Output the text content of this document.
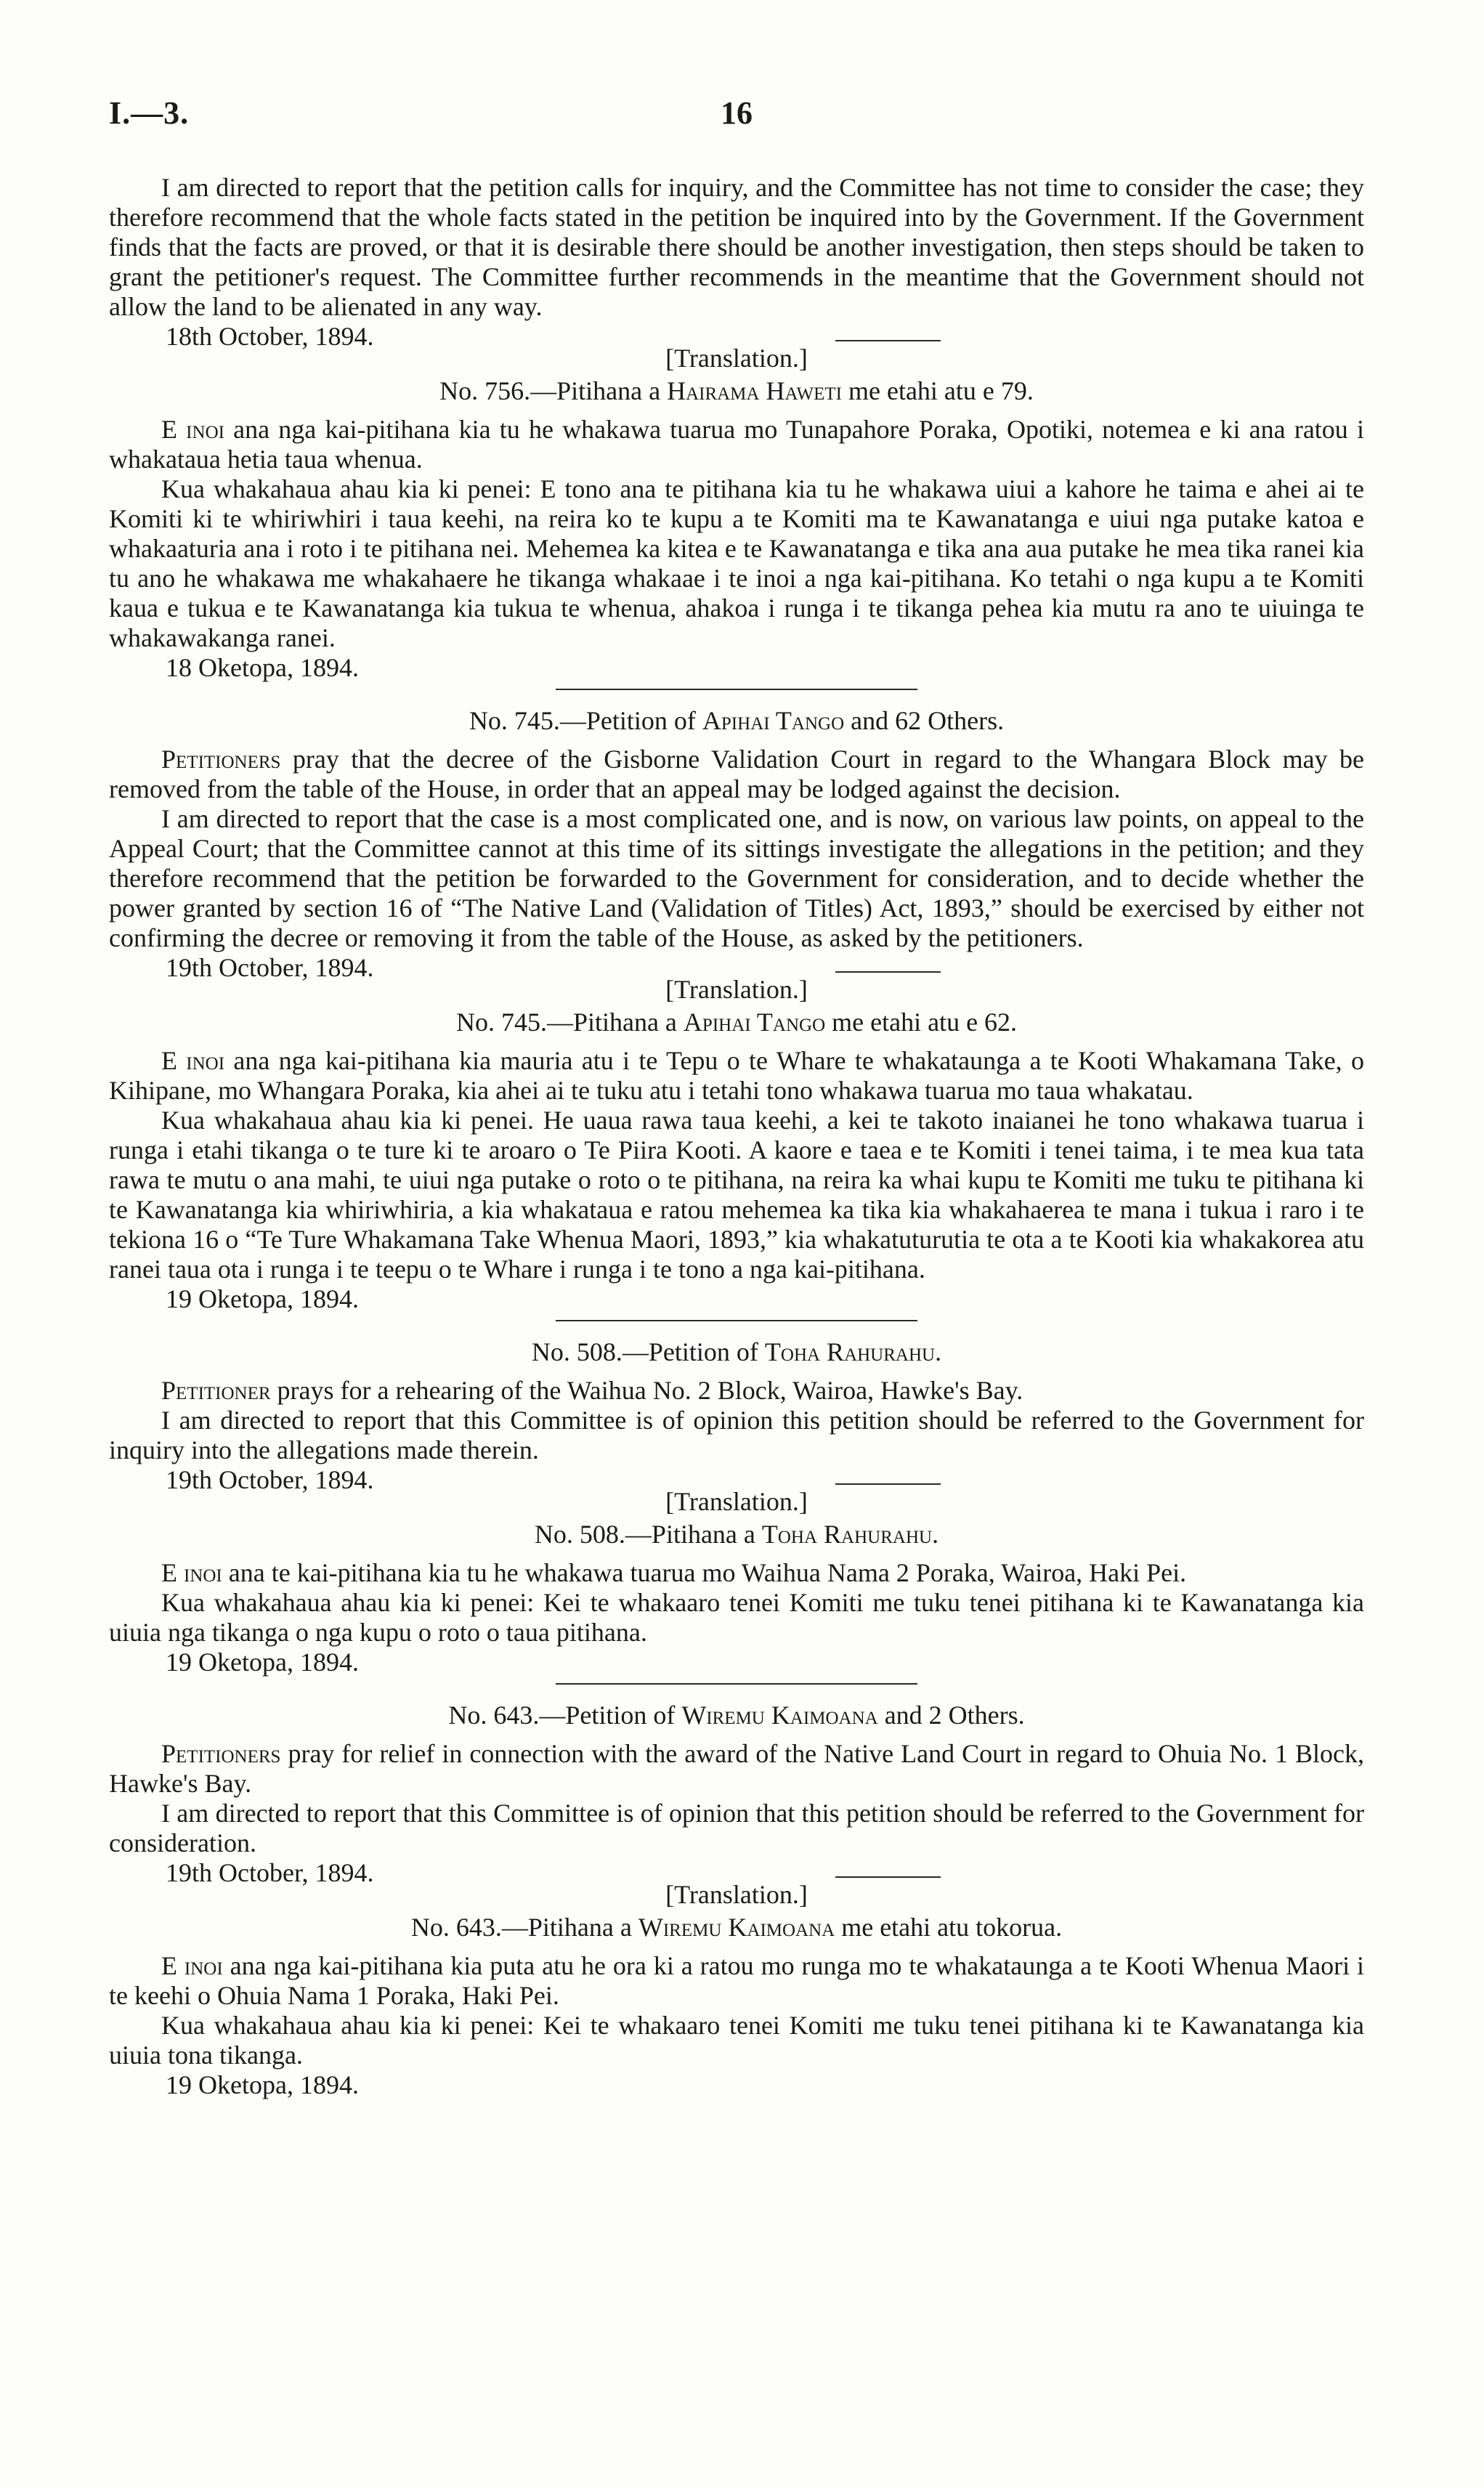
I.—3.	16

I am directed to report that the petition calls for inquiry, and the Committee has not time to consider the case; they therefore recommend that the whole facts stated in the petition be inquired into by the Government. If the Government finds that the facts are proved, or that it is desirable there should be another investigation, then steps should be taken to grant the petitioner's request. The Committee further recommends in the meantime that the Government should not allow the land to be alienated in any way.

18th October, 1894.

[Translation.]

No. 756.—Pitihana a Hairama Haweti me etahi atu e 79.

E inoi ana nga kai-pitihana kia tu he whakawa tuarua mo Tunapahore Poraka, Opotiki, notemea e ki ana ratou i whakataua hetia taua whenua.

Kua whakahaua ahau kia ki penei: E tono ana te pitihana kia tu he whakawa uiui a kahore he taima e ahei ai te Komiti ki te whiriwhiri i taua keehi, na reira ko te kupu a te Komiti ma te Kawanatanga e uiui nga putake katoa e whakaaturia ana i roto i te pitihana nei. Mehemea ka kitea e te Kawanatanga e tika ana aua putake he mea tika ranei kia tu ano he whakawa me whakahaere he tikanga whakaae i te inoi a nga kai-pitihana. Ko tetahi o nga kupu a te Komiti kaua e tukua e te Kawanatanga kia tukua te whenua, ahakoa i runga i te tikanga pehea kia mutu ra ano te uiuinga te whakawakanga ranei.

18 Oketopa, 1894.

No. 745.—Petition of Apihai Tango and 62 Others.

Petitioners pray that the decree of the Gisborne Validation Court in regard to the Whangara Block may be removed from the table of the House, in order that an appeal may be lodged against the decision.

I am directed to report that the case is a most complicated one, and is now, on various law points, on appeal to the Appeal Court; that the Committee cannot at this time of its sittings investigate the allegations in the petition; and they therefore recommend that the petition be forwarded to the Government for consideration, and to decide whether the power granted by section 16 of “The Native Land (Validation of Titles) Act, 1893,” should be exercised by either not confirming the decree or removing it from the table of the House, as asked by the petitioners.

19th October, 1894.

[Translation.]

No. 745.—Pitihana a Apihai Tango me etahi atu e 62.

E inoi ana nga kai-pitihana kia mauria atu i te Tepu o te Whare te whakataunga a te Kooti Whakamana Take, o Kihipane, mo Whangara Poraka, kia ahei ai te tuku atu i tetahi tono whakawa tuarua mo taua whakatau.

Kua whakahaua ahau kia ki penei. He uaua rawa taua keehi, a kei te takoto inaianei he tono whakawa tuarua i runga i etahi tikanga o te ture ki te aroaro o Te Piira Kooti. A kaore e taea e te Komiti i tenei taima, i te mea kua tata rawa te mutu o ana mahi, te uiui nga putake o roto o te pitihana, na reira ka whai kupu te Komiti me tuku te pitihana ki te Kawanatanga kia whiriwhiria, a kia whakataua e ratou mehemea ka tika kia whakahaerea te mana i tukua i raro i te tekiona 16 o “Te Ture Whakamana Take Whenua Maori, 1893,” kia whakatuturutia te ota a te Kooti kia whakakorea atu ranei taua ota i runga i te teepu o te Whare i runga i te tono a nga kai-pitihana.

19 Oketopa, 1894.

No. 508.—Petition of Toha Rahurahu.

Petitioner prays for a rehearing of the Waihua No. 2 Block, Wairoa, Hawke's Bay.

I am directed to report that this Committee is of opinion this petition should be referred to the Government for inquiry into the allegations made therein.

19th October, 1894.

[Translation.]

No. 508.—Pitihana a Toha Rahurahu.

E inoi ana te kai-pitihana kia tu he whakawa tuarua mo Waihua Nama 2 Poraka, Wairoa, Haki Pei.

Kua whakahaua ahau kia ki penei: Kei te whakaaro tenei Komiti me tuku tenei pitihana ki te Kawanatanga kia uiuia nga tikanga o nga kupu o roto o taua pitihana.

19 Oketopa, 1894.

No. 643.—Petition of Wiremu Kaimoana and 2 Others.

Petitioners pray for relief in connection with the award of the Native Land Court in regard to Ohuia No. 1 Block, Hawke's Bay.

I am directed to report that this Committee is of opinion that this petition should be referred to the Government for consideration.

19th October, 1894.

[Translation.]

No. 643.—Pitihana a Wiremu Kaimoana me etahi atu tokorua.

E inoi ana nga kai-pitihana kia puta atu he ora ki a ratou mo runga mo te whakataunga a te Kooti Whenua Maori i te keehi o Ohuia Nama 1 Poraka, Haki Pei.

Kua whakahaua ahau kia ki penei: Kei te whakaaro tenei Komiti me tuku tenei pitihana ki te Kawanatanga kia uiuia tona tikanga.

19 Oketopa, 1894.
